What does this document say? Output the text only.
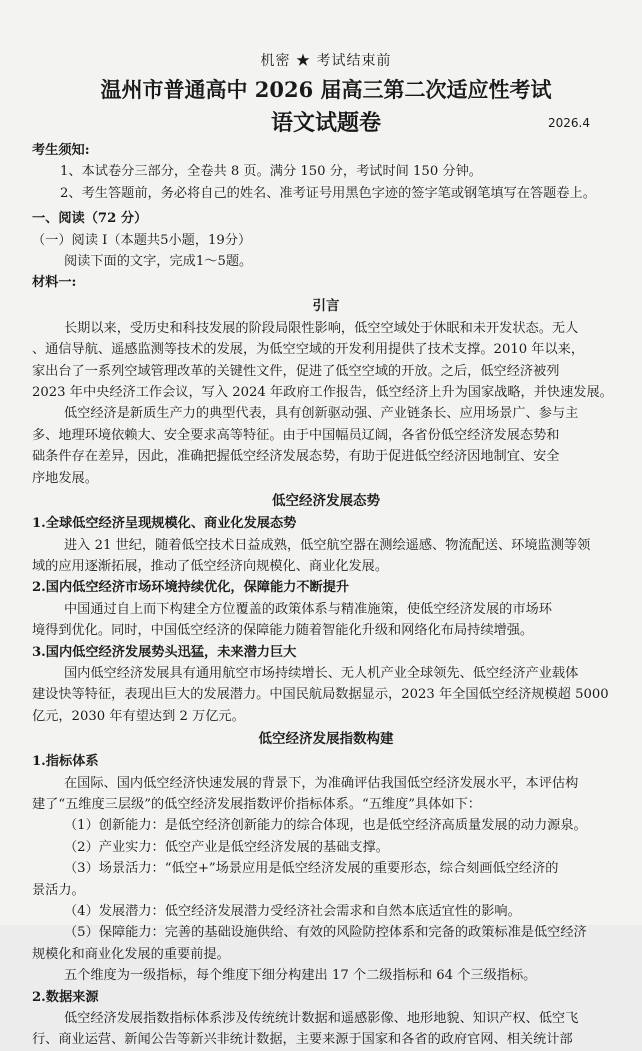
机密 ★ 考试结束前
温州市普通高中 2026 届高三第二次适应性考试
语文试题卷	2026.4

考生须知:

1、本试卷分三部分，全卷共 8 页。满分 150 分，考试时间 150 分钟。

2、考生答题前，务必将自己的姓名、准考证号用黑色字迹的签字笔或钢笔填写在答题卷上。

一、阅读（72 分）

（一）阅读 I（本题共5小题，19分）

阅读下面的文字，完成1～5题。

材料一:

引言

长期以来，受历史和科技发展的阶段局限性影响，低空空域处于休眠和未开发状态。无人

、通信导航、遥感监测等技术的发展，为低空空域的开发利用提供了技术支撑。2010 年以来，

家出台了一系列空域管理改革的关键性文件，促进了低空空域的开放。之后，低空经济被列

2023 年中央经济工作会议，写入 2024 年政府工作报告，低空经济上升为国家战略，并快速发展。

低空经济是新质生产力的典型代表，具有创新驱动强、产业链条长、应用场景广、参与主

多、地理环境依赖大、安全要求高等特征。由于中国幅员辽阔，各省份低空经济发展态势和

础条件存在差异，因此，准确把握低空经济发展态势，有助于促进低空经济因地制宜、安全

序地发展。

低空经济发展态势

1.全球低空经济呈现规模化、商业化发展态势

进入 21 世纪，随着低空技术日益成熟，低空航空器在测绘遥感、物流配送、环境监测等领

域的应用逐渐拓展，推动了低空经济向规模化、商业化发展。

2.国内低空经济市场环境持续优化，保障能力不断提升

中国通过自上而下构建全方位覆盖的政策体系与精准施策，使低空经济发展的市场环

境得到优化。同时，中国低空经济的保障能力随着智能化升级和网络化布局持续增强。

3.国内低空经济发展势头迅猛，未来潜力巨大

国内低空经济发展具有通用航空市场持续增长、无人机产业全球领先、低空经济产业载体

建设快等特征，表现出巨大的发展潜力。中国民航局数据显示，2023 年全国低空经济规模超 5000

亿元，2030 年有望达到 2 万亿元。

低空经济发展指数构建

1.指标体系

在国际、国内低空经济快速发展的背景下，为准确评估我国低空经济发展水平，本评估构

建了“五维度三层级”的低空经济发展指数评价指标体系。“五维度”具体如下：

（1）创新能力：是低空经济创新能力的综合体现，也是低空经济高质量发展的动力源泉。

（2）产业实力：低空产业是低空经济发展的基础支撑。

（3）场景活力：“低空+”场景应用是低空经济发展的重要形态，综合刻画低空经济的

景活力。

（4）发展潜力：低空经济发展潜力受经济社会需求和自然本底适宜性的影响。

（5）保障能力：完善的基础设施供给、有效的风险防控体系和完备的政策标准是低空经济

规模化和商业化发展的重要前提。

五个维度为一级指标，每个维度下细分构建出 17 个二级指标和 64 个三级指标。

2.数据来源

低空经济发展指数指标体系涉及传统统计数据和遥感影像、地形地貌、知识产权、低空飞

行、商业运营、新闻公告等新兴非统计数据，主要来源于国家和各省的政府官网、相关统计部
